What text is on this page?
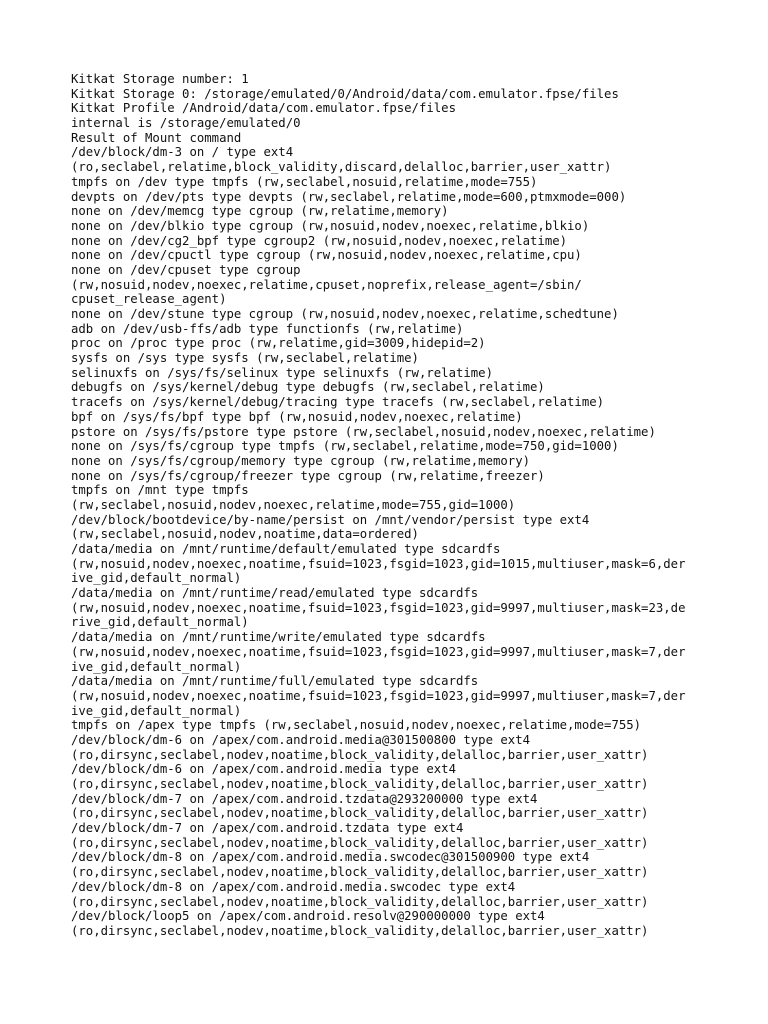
Kitkat Storage number: 1
Kitkat Storage 0: /storage/emulated/0/Android/data/com.emulator.fpse/files
Kitkat Profile /Android/data/com.emulator.fpse/files
internal is /storage/emulated/0
Result of Mount command
/dev/block/dm-3 on / type ext4
(ro,seclabel,relatime,block_validity,discard,delalloc,barrier,user_xattr)
tmpfs on /dev type tmpfs (rw,seclabel,nosuid,relatime,mode=755)
devpts on /dev/pts type devpts (rw,seclabel,relatime,mode=600,ptmxmode=000)
none on /dev/memcg type cgroup (rw,relatime,memory)
none on /dev/blkio type cgroup (rw,nosuid,nodev,noexec,relatime,blkio)
none on /dev/cg2_bpf type cgroup2 (rw,nosuid,nodev,noexec,relatime)
none on /dev/cpuctl type cgroup (rw,nosuid,nodev,noexec,relatime,cpu)
none on /dev/cpuset type cgroup
(rw,nosuid,nodev,noexec,relatime,cpuset,noprefix,release_agent=/sbin/
cpuset_release_agent)
none on /dev/stune type cgroup (rw,nosuid,nodev,noexec,relatime,schedtune)
adb on /dev/usb-ffs/adb type functionfs (rw,relatime)
proc on /proc type proc (rw,relatime,gid=3009,hidepid=2)
sysfs on /sys type sysfs (rw,seclabel,relatime)
selinuxfs on /sys/fs/selinux type selinuxfs (rw,relatime)
debugfs on /sys/kernel/debug type debugfs (rw,seclabel,relatime)
tracefs on /sys/kernel/debug/tracing type tracefs (rw,seclabel,relatime)
bpf on /sys/fs/bpf type bpf (rw,nosuid,nodev,noexec,relatime)
pstore on /sys/fs/pstore type pstore (rw,seclabel,nosuid,nodev,noexec,relatime)
none on /sys/fs/cgroup type tmpfs (rw,seclabel,relatime,mode=750,gid=1000)
none on /sys/fs/cgroup/memory type cgroup (rw,relatime,memory)
none on /sys/fs/cgroup/freezer type cgroup (rw,relatime,freezer)
tmpfs on /mnt type tmpfs
(rw,seclabel,nosuid,nodev,noexec,relatime,mode=755,gid=1000)
/dev/block/bootdevice/by-name/persist on /mnt/vendor/persist type ext4
(rw,seclabel,nosuid,nodev,noatime,data=ordered)
/data/media on /mnt/runtime/default/emulated type sdcardfs
(rw,nosuid,nodev,noexec,noatime,fsuid=1023,fsgid=1023,gid=1015,multiuser,mask=6,der
ive_gid,default_normal)
/data/media on /mnt/runtime/read/emulated type sdcardfs
(rw,nosuid,nodev,noexec,noatime,fsuid=1023,fsgid=1023,gid=9997,multiuser,mask=23,de
rive_gid,default_normal)
/data/media on /mnt/runtime/write/emulated type sdcardfs
(rw,nosuid,nodev,noexec,noatime,fsuid=1023,fsgid=1023,gid=9997,multiuser,mask=7,der
ive_gid,default_normal)
/data/media on /mnt/runtime/full/emulated type sdcardfs
(rw,nosuid,nodev,noexec,noatime,fsuid=1023,fsgid=1023,gid=9997,multiuser,mask=7,der
ive_gid,default_normal)
tmpfs on /apex type tmpfs (rw,seclabel,nosuid,nodev,noexec,relatime,mode=755)
/dev/block/dm-6 on /apex/com.android.media@301500800 type ext4
(ro,dirsync,seclabel,nodev,noatime,block_validity,delalloc,barrier,user_xattr)
/dev/block/dm-6 on /apex/com.android.media type ext4
(ro,dirsync,seclabel,nodev,noatime,block_validity,delalloc,barrier,user_xattr)
/dev/block/dm-7 on /apex/com.android.tzdata@293200000 type ext4
(ro,dirsync,seclabel,nodev,noatime,block_validity,delalloc,barrier,user_xattr)
/dev/block/dm-7 on /apex/com.android.tzdata type ext4
(ro,dirsync,seclabel,nodev,noatime,block_validity,delalloc,barrier,user_xattr)
/dev/block/dm-8 on /apex/com.android.media.swcodec@301500900 type ext4
(ro,dirsync,seclabel,nodev,noatime,block_validity,delalloc,barrier,user_xattr)
/dev/block/dm-8 on /apex/com.android.media.swcodec type ext4
(ro,dirsync,seclabel,nodev,noatime,block_validity,delalloc,barrier,user_xattr)
/dev/block/loop5 on /apex/com.android.resolv@290000000 type ext4
(ro,dirsync,seclabel,nodev,noatime,block_validity,delalloc,barrier,user_xattr)
